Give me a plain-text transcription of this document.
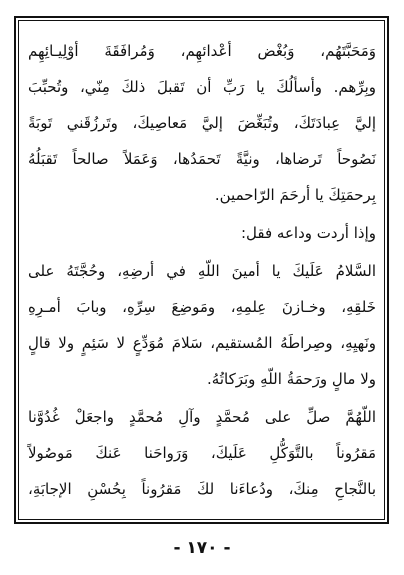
وَمَحَبَّتَهُم، وَبُغْض أعْدائهِم، وَمُرافَقَةَ أوْلِيـائِهِم
وبِرِّهم. وأسألُكَ يا رَبِّ أن تَقبلَ ذلكَ مِنّي، وتُحبِّبَ
إليَّ عِبادَتَكَ، وتُبَغِّضَ إليَّ مَعاصِيكَ، وتَرزُقَني تَوبَةً
نَصُوحاً تَرضاها، ونيَّةً تَحمَدُها، وَعَمَلاً صالحاً تَقبَلُهُ
بِرحمَتِكَ يا أرحَمَ الرّاحمين.
وإذا أردت وداعه فقل:
السَّلامُ عَلَيكَ يا أمينَ اللّهِ في أرضِهِ، وحُجَّتَهُ على
خَلقِهِ، وخـازنَ عِلمِهِ، ومَوضِعَ سِرِّهِ، وبابَ أمـرِهِ
ونَهيِهِ، وصِراطَهُ المُستقيم، سَلامَ مُوَدِّعٍ لا سَئِمٍ ولا قالٍ
ولا مالٍ ورَحمَةُ اللّهِ وبَرَكاتُهُ.
اللّهُمَّ صلِّ على مُحمَّدٍ وآلِ مُحمَّدٍ واجعَلْ غُدُوَّنا
مَقرُوناً بالتَّوَكُّلِ عَلَيكَ، وَرَواحَنا عَنكَ مَوصُولاً
بالنَّجاحِ مِنكَ، ودُعاءَنا لكَ مَقرُوناً بِحُسْنِ الإجابَةِ،
- ١٧٠ -
